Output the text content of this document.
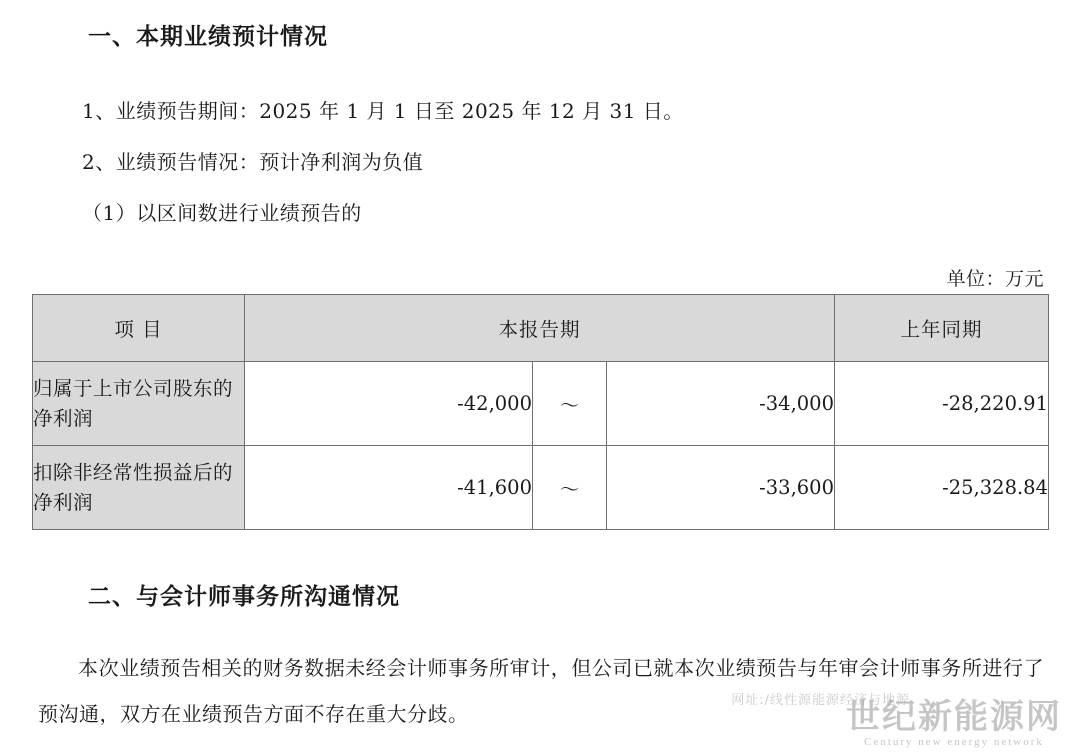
一、本期业绩预计情况
1、业绩预告期间：2025 年 1 月 1 日至 2025 年 12 月 31 日。
2、业绩预告情况：预计净利润为负值
（1）以区间数进行业绩预告的
单位：万元
项 目	本报告期			上年同期
归属于上市公司股东的净利润	-42,000	～	-34,000	-28,220.91
扣除非经常性损益后的净利润	-41,600	～	-33,600	-25,328.84
二、与会计师事务所沟通情况
本次业绩预告相关的财务数据未经会计师事务所审计，但公司已就本次业绩预告与年审会计师事务所进行了预沟通，双方在业绩预告方面不存在重大分歧。
网址:/线性源能源经济与地源
世纪新能源网
Century new energy network
